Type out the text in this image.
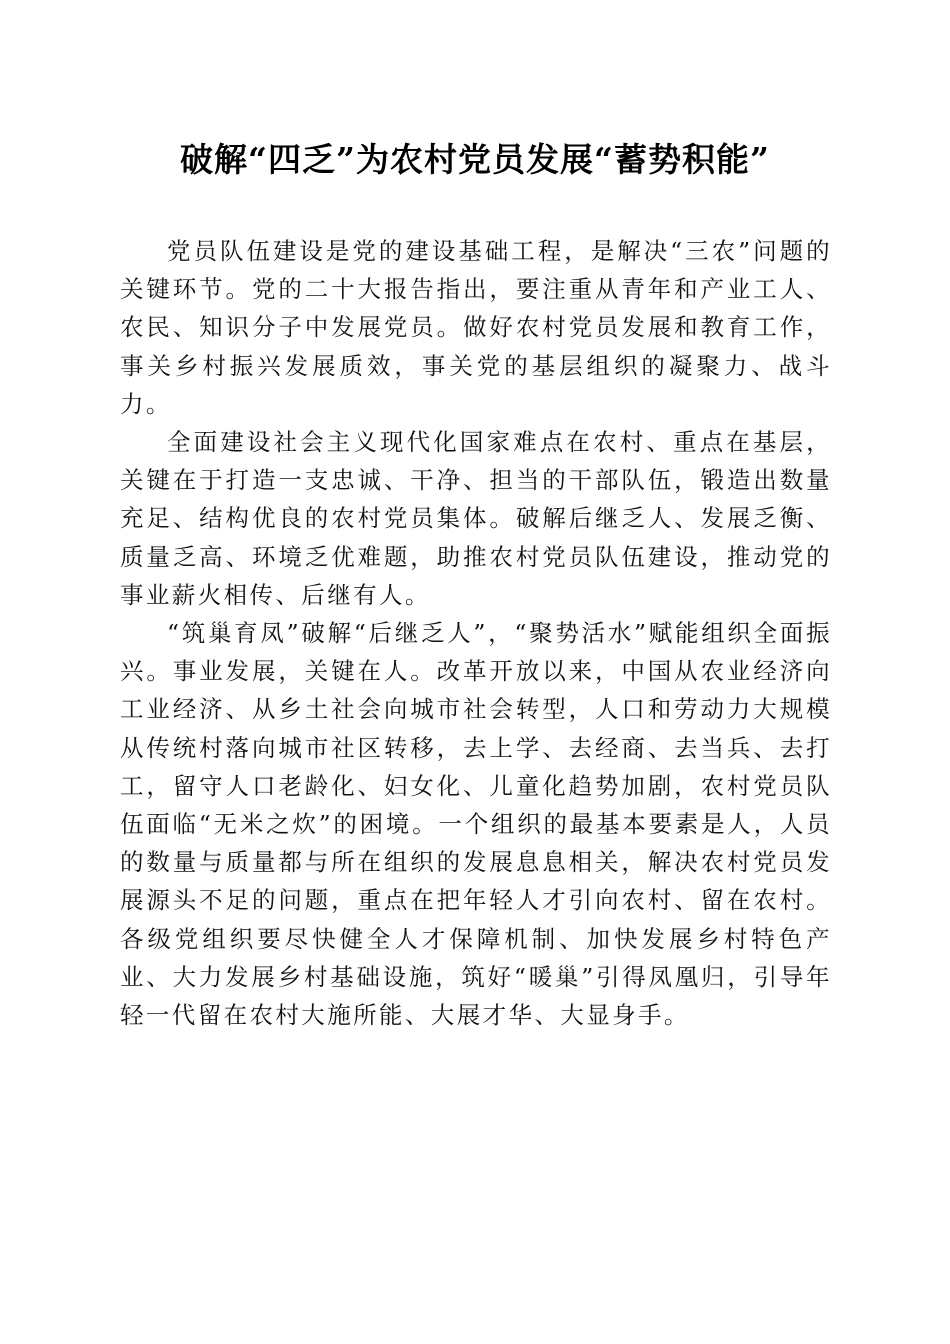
破解“四乏”为农村党员发展“蓄势积能”

党员队伍建设是党的建设基础工程，是解决“三农”问题的关键环节。党的二十大报告指出，要注重从青年和产业工人、农民、知识分子中发展党员。做好农村党员发展和教育工作，事关乡村振兴发展质效，事关党的基层组织的凝聚力、战斗力。

全面建设社会主义现代化国家难点在农村、重点在基层，关键在于打造一支忠诚、干净、担当的干部队伍，锻造出数量充足、结构优良的农村党员集体。破解后继乏人、发展乏衡、质量乏高、环境乏优难题，助推农村党员队伍建设，推动党的事业薪火相传、后继有人。

“筑巢育凤”破解“后继乏人”，“聚势活水”赋能组织全面振兴。事业发展，关键在人。改革开放以来，中国从农业经济向工业经济、从乡土社会向城市社会转型，人口和劳动力大规模从传统村落向城市社区转移，去上学、去经商、去当兵、去打工，留守人口老龄化、妇女化、儿童化趋势加剧，农村党员队伍面临“无米之炊”的困境。一个组织的最基本要素是人，人员的数量与质量都与所在组织的发展息息相关，解决农村党员发展源头不足的问题，重点在把年轻人才引向农村、留在农村。各级党组织要尽快健全人才保障机制、加快发展乡村特色产业、大力发展乡村基础设施，筑好“暖巢”引得凤凰归，引导年轻一代留在农村大施所能、大展才华、大显身手。
